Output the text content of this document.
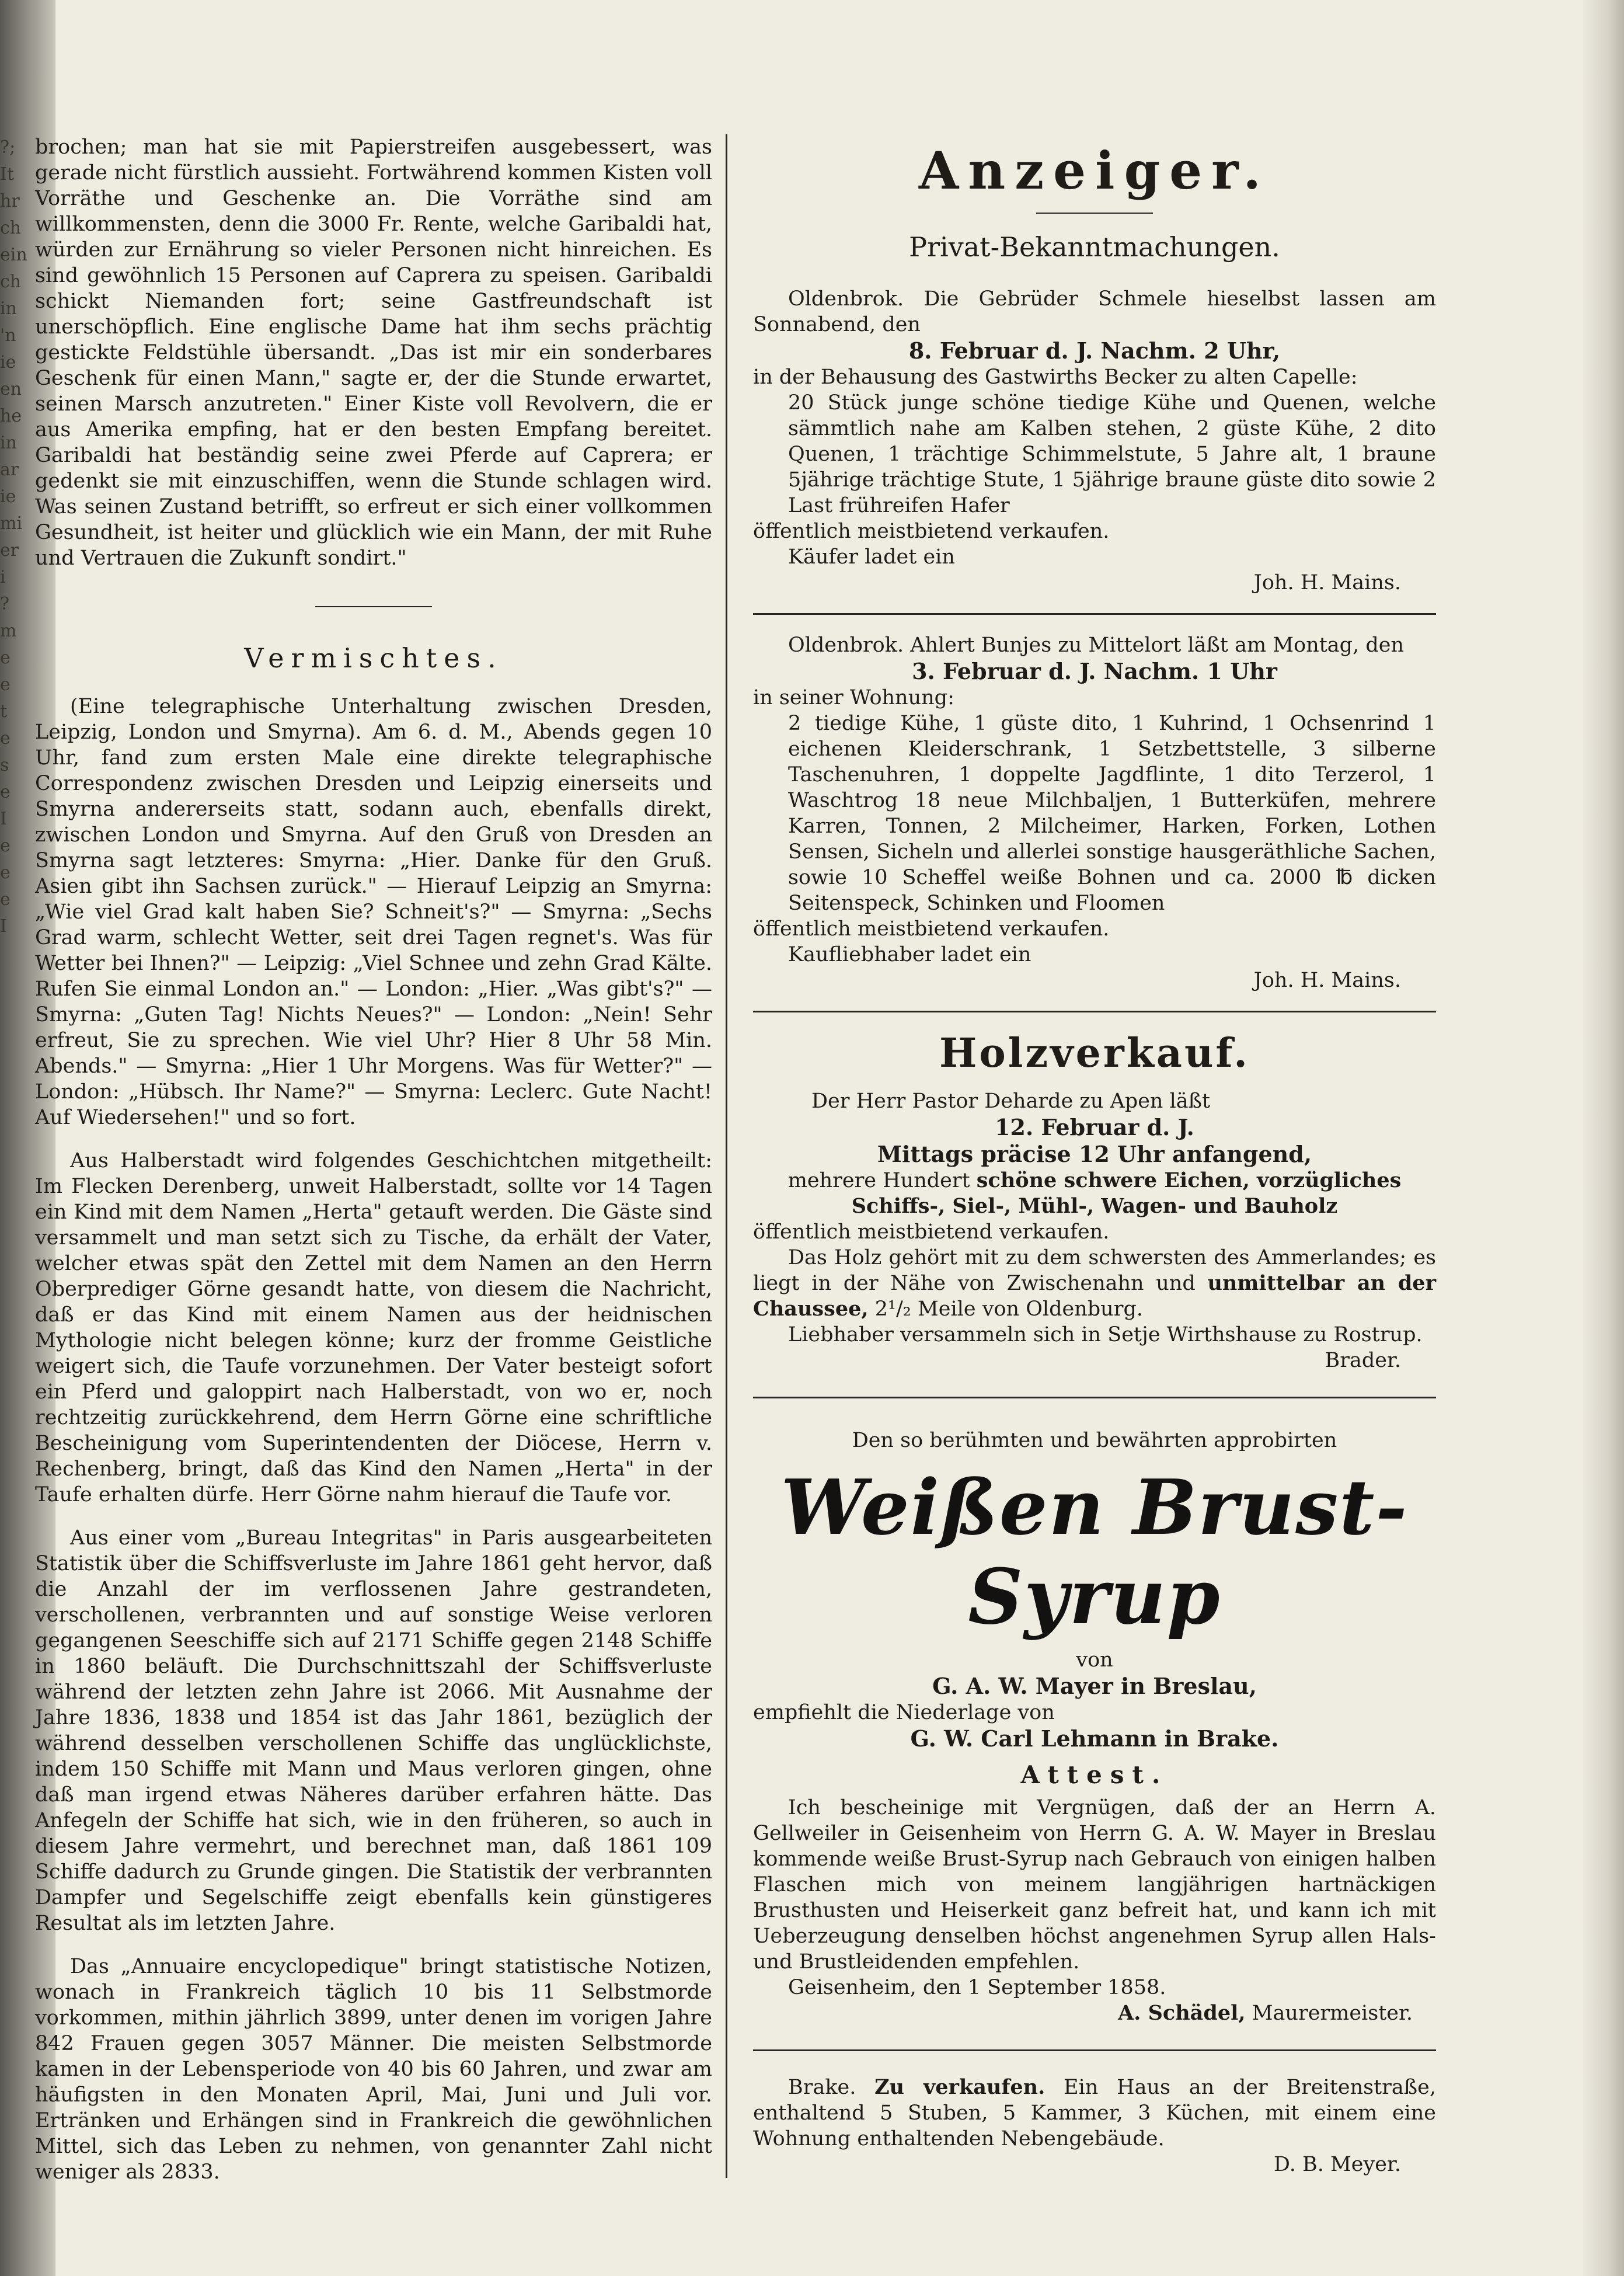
?;
It
hr
ch
ein
ch
in
'n
ie
en
he
in
ar
ie
mi
er
i
?
m
e
e
t
e
s
e
I
e
e
e
I

brochen; man hat sie mit Papierstreifen ausgebessert, was gerade nicht fürstlich aussieht. Fortwährend kommen Kisten voll Vorräthe und Geschenke an. Die Vorräthe sind am willkommensten, denn die 3000 Fr. Rente, welche Garibaldi hat, würden zur Ernährung so vieler Personen nicht hinreichen. Es sind gewöhnlich 15 Personen auf Caprera zu speisen. Garibaldi schickt Niemanden fort; seine Gastfreundschaft ist unerschöpflich. Eine englische Dame hat ihm sechs prächtig gestickte Feldstühle übersandt. „Das ist mir ein sonderbares Geschenk für einen Mann," sagte er, der die Stunde erwartet, seinen Marsch anzutreten." Einer Kiste voll Revolvern, die er aus Amerika empfing, hat er den besten Empfang bereitet. Garibaldi hat beständig seine zwei Pferde auf Caprera; er gedenkt sie mit einzuschiffen, wenn die Stunde schlagen wird. Was seinen Zustand betrifft, so erfreut er sich einer vollkommen Gesundheit, ist heiter und glücklich wie ein Mann, der mit Ruhe und Vertrauen die Zukunft sondirt."

Vermischtes.

(Eine telegraphische Unterhaltung zwischen Dresden, Leipzig, London und Smyrna). Am 6. d. M., Abends gegen 10 Uhr, fand zum ersten Male eine direkte telegraphische Correspondenz zwischen Dresden und Leipzig einerseits und Smyrna andererseits statt, sodann auch, ebenfalls direkt, zwischen London und Smyrna. Auf den Gruß von Dresden an Smyrna sagt letzteres: Smyrna: „Hier. Danke für den Gruß. Asien gibt ihn Sachsen zurück." — Hierauf Leipzig an Smyrna: „Wie viel Grad kalt haben Sie? Schneit's?" — Smyrna: „Sechs Grad warm, schlecht Wetter, seit drei Tagen regnet's. Was für Wetter bei Ihnen?" — Leipzig: „Viel Schnee und zehn Grad Kälte. Rufen Sie einmal London an." — London: „Hier. „Was gibt's?" — Smyrna: „Guten Tag! Nichts Neues?" — London: „Nein! Sehr erfreut, Sie zu sprechen. Wie viel Uhr? Hier 8 Uhr 58 Min. Abends." — Smyrna: „Hier 1 Uhr Morgens. Was für Wetter?" — London: „Hübsch. Ihr Name?" — Smyrna: Leclerc. Gute Nacht! Auf Wiedersehen!" und so fort.

Aus Halberstadt wird folgendes Geschichtchen mitgetheilt: Im Flecken Derenberg, unweit Halberstadt, sollte vor 14 Tagen ein Kind mit dem Namen „Herta" getauft werden. Die Gäste sind versammelt und man setzt sich zu Tische, da erhält der Vater, welcher etwas spät den Zettel mit dem Namen an den Herrn Oberprediger Görne gesandt hatte, von diesem die Nachricht, daß er das Kind mit einem Namen aus der heidnischen Mythologie nicht belegen könne; kurz der fromme Geistliche weigert sich, die Taufe vorzunehmen. Der Vater besteigt sofort ein Pferd und galoppirt nach Halberstadt, von wo er, noch rechtzeitig zurückkehrend, dem Herrn Görne eine schriftliche Bescheinigung vom Superintendenten der Diöcese, Herrn v. Rechenberg, bringt, daß das Kind den Namen „Herta" in der Taufe erhalten dürfe. Herr Görne nahm hierauf die Taufe vor.

Aus einer vom „Bureau Integritas" in Paris ausgearbeiteten Statistik über die Schiffsverluste im Jahre 1861 geht hervor, daß die Anzahl der im verflossenen Jahre gestrandeten, verschollenen, verbrannten und auf sonstige Weise verloren gegangenen Seeschiffe sich auf 2171 Schiffe gegen 2148 Schiffe in 1860 beläuft. Die Durchschnittszahl der Schiffsverluste während der letzten zehn Jahre ist 2066. Mit Ausnahme der Jahre 1836, 1838 und 1854 ist das Jahr 1861, bezüglich der während desselben verschollenen Schiffe das unglücklichste, indem 150 Schiffe mit Mann und Maus verloren gingen, ohne daß man irgend etwas Näheres darüber erfahren hätte. Das Anfegeln der Schiffe hat sich, wie in den früheren, so auch in diesem Jahre vermehrt, und berechnet man, daß 1861 109 Schiffe dadurch zu Grunde gingen. Die Statistik der verbrannten Dampfer und Segelschiffe zeigt ebenfalls kein günstigeres Resultat als im letzten Jahre.

Das „Annuaire encyclopedique" bringt statistische Notizen, wonach in Frankreich täglich 10 bis 11 Selbstmorde vorkommen, mithin jährlich 3899, unter denen im vorigen Jahre 842 Frauen gegen 3057 Männer. Die meisten Selbstmorde kamen in der Lebensperiode von 40 bis 60 Jahren, und zwar am häufigsten in den Monaten April, Mai, Juni und Juli vor. Ertränken und Erhängen sind in Frankreich die gewöhnlichen Mittel, sich das Leben zu nehmen, von genannter Zahl nicht weniger als 2833.

Anzeiger.
Privat-Bekanntmachungen.

Oldenbrok. Die Gebrüder Schmele hieselbst lassen am Sonnabend, den

8. Februar d. J. Nachm. 2 Uhr,

in der Behausung des Gastwirths Becker zu alten Capelle:

20 Stück junge schöne tiedige Kühe und Quenen, welche sämmtlich nahe am Kalben stehen, 2 güste Kühe, 2 dito Quenen, 1 trächtige Schimmelstute, 5 Jahre alt, 1 braune 5jährige trächtige Stute, 1 5jährige braune güste dito sowie 2 Last frühreifen Hafer

öffentlich meistbietend verkaufen.

Käufer ladet ein

Joh. H. Mains.

Oldenbrok. Ahlert Bunjes zu Mittelort läßt am Montag, den

3. Februar d. J. Nachm. 1 Uhr

in seiner Wohnung:

2 tiedige Kühe, 1 güste dito, 1 Kuhrind, 1 Ochsenrind 1 eichenen Kleiderschrank, 1 Setzbettstelle, 3 silberne Taschenuhren, 1 doppelte Jagdflinte, 1 dito Terzerol, 1 Waschtrog 18 neue Milchbaljen, 1 Butterküfen, mehrere Karren, Tonnen, 2 Milcheimer, Harken, Forken, Lothen Sensen, Sicheln und allerlei sonstige hausgeräthliche Sachen, sowie 10 Scheffel weiße Bohnen und ca. 2000 ℔ dicken Seitenspeck, Schinken und Floomen

öffentlich meistbietend verkaufen.

Kaufliebhaber ladet ein

Joh. H. Mains.

Holzverkauf.

Der Herr Pastor Deharde zu Apen läßt

12. Februar d. J.

Mittags präcise 12 Uhr anfangend,

mehrere Hundert schöne schwere Eichen, vorzügliches

Schiffs-, Siel-, Mühl-, Wagen- und Bauholz

öffentlich meistbietend verkaufen.

Das Holz gehört mit zu dem schwersten des Ammerlandes; es liegt in der Nähe von Zwischenahn und unmittelbar an der Chaussee, 2¹/₂ Meile von Oldenburg.

Liebhaber versammeln sich in Setje Wirthshause zu Rostrup.

Brader.

Den so berühmten und bewährten approbirten

Weißen Brust-Syrup

von

G. A. W. Mayer in Breslau,

empfiehlt die Niederlage von

G. W. Carl Lehmann in Brake.

Attest.

Ich bescheinige mit Vergnügen, daß der an Herrn A. Gellweiler in Geisenheim von Herrn G. A. W. Mayer in Breslau kommende weiße Brust-Syrup nach Gebrauch von einigen halben Flaschen mich von meinem langjährigen hartnäckigen Brusthusten und Heiserkeit ganz befreit hat, und kann ich mit Ueberzeugung denselben höchst angenehmen Syrup allen Hals- und Brustleidenden empfehlen.

Geisenheim, den 1 September 1858.

A. Schädel, Maurermeister.

Brake. Zu verkaufen. Ein Haus an der Breitenstraße, enthaltend 5 Stuben, 5 Kammer, 3 Küchen, mit einem eine Wohnung enthaltenden Nebengebäude.

D. B. Meyer.
